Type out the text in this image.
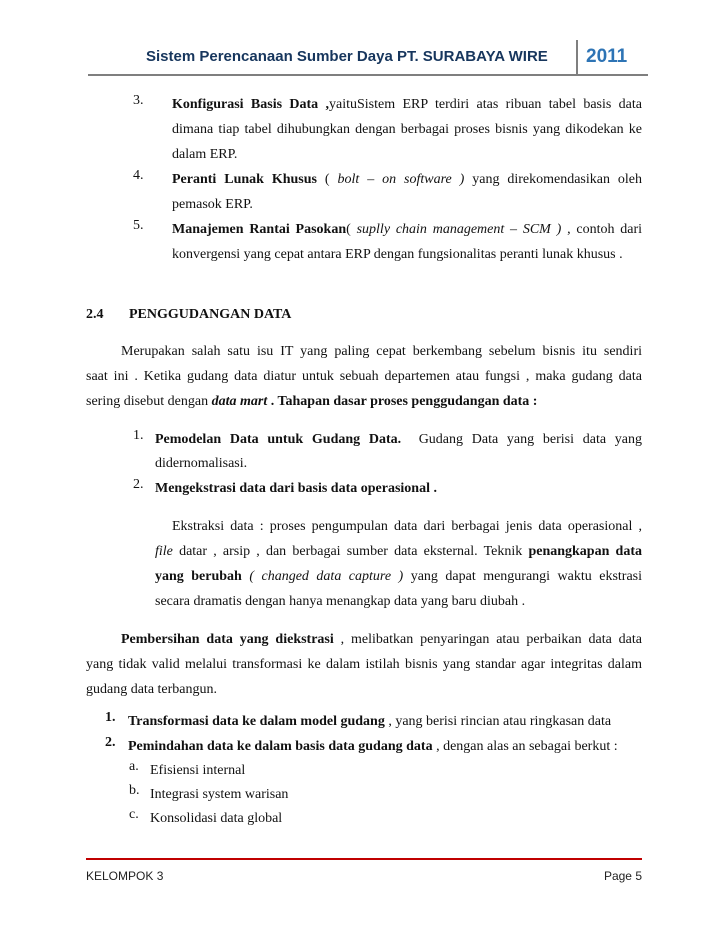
Sistem Perencanaan Sumber Daya PT. SURABAYA WIRE 2011
3. Konfigurasi Basis Data ,yaituSistem ERP terdiri atas ribuan tabel basis data
dimana tiap tabel dihubungkan dengan berbagai proses bisnis yang dikodekan ke
dalam ERP.
4. Peranti Lunak Khusus ( bolt – on software ) yang direkomendasikan oleh
pemasok ERP.
5. Manajemen Rantai Pasokan( suplly chain management – SCM ) , contoh dari
konvergensi yang cepat antara ERP dengan fungsionalitas peranti lunak khusus .
2.4 PENGGUDANGAN DATA
Merupakan salah satu isu IT yang paling cepat berkembang sebelum bisnis itu sendiri
saat ini . Ketika gudang data diatur untuk sebuah departemen atau fungsi , maka gudang data
sering disebut dengan data mart . Tahapan dasar proses penggudangan data :
1. Pemodelan Data untuk Gudang Data. Gudang Data yang berisi data yang
didernomalisasi.
2. Mengekstrasi data dari basis data operasional .
Ekstraksi data : proses pengumpulan data dari berbagai jenis data operasional ,
file datar , arsip , dan berbagai sumber data eksternal. Teknik penangkapan data
yang berubah ( changed data capture ) yang dapat mengurangi waktu ekstrasi
secara dramatis dengan hanya menangkap data yang baru diubah .
Pembersihan data yang diekstrasi , melibatkan penyaringan atau perbaikan data data
yang tidak valid melalui transformasi ke dalam istilah bisnis yang standar agar integritas dalam
gudang data terbangun.
1. Transformasi data ke dalam model gudang , yang berisi rincian atau ringkasan data
2. Pemindahan data ke dalam basis data gudang data , dengan alas an sebagai berkut :
a. Efisiensi internal
b. Integrasi system warisan
c. Konsolidasi data global
KELOMPOK 3	Page 5
